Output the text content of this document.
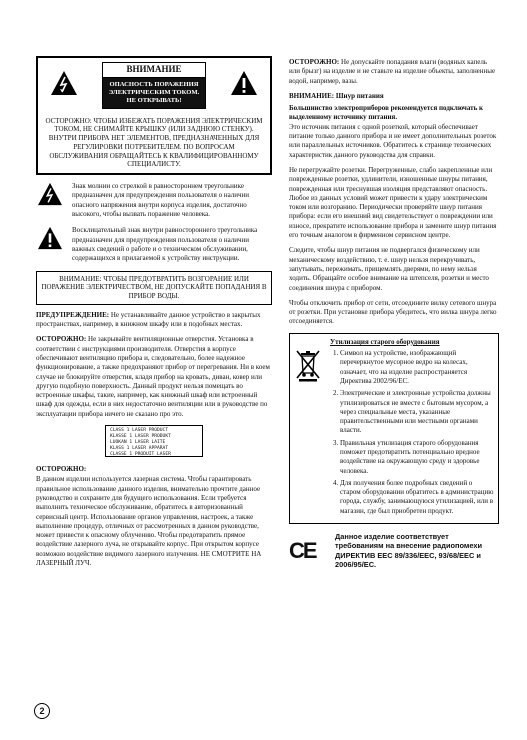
ВНИМАНИЕ
ОПАСНОСТЬ ПОРАЖЕНИЯ ЭЛЕКТРИЧЕСКИМ ТОКОМ. НЕ ОТКРЫВАТЬ!
ОСТОРОЖНО: ЧТОБЫ ИЗБЕЖАТЬ ПОРАЖЕНИЯ ЭЛЕКТРИЧЕСКИМ ТОКОМ, НЕ СНИМАЙТЕ КРЫШКУ (ИЛИ ЗАДНЮЮ СТЕНКУ). ВНУТРИ ПРИБОРА НЕТ ЭЛЕМЕНТОВ, ПРЕДНАЗНАЧЕННЫХ ДЛЯ РЕГУЛИРОВКИ ПОТРЕБИТЕЛЕМ. ПО ВОПРОСАМ ОБСЛУЖИВАНИЯ ОБРАЩАЙТЕСЬ К КВАЛИФИЦИРОВАННОМУ СПЕЦИАЛИСТУ.
Знак молнии со стрелкой в равностороннем треугольнике предназначен для предупреждения пользователя о наличии опасного напряжения внутри корпуса изделия, достаточно высокого, чтобы вызвать поражение человека.
Восклицательный знак внутри равностороннего треугольника предназначен для предупреждения пользователя о наличии важных сведений о работе и о техническом обслуживании, содержащихся в прилагаемой к устройству инструкции.
ВНИМАНИЕ: ЧТОБЫ ПРЕДОТВРАТИТЬ ВОЗГОРАНИЕ ИЛИ ПОРАЖЕНИЕ ЭЛЕКТРИЧЕСТВОМ, НЕ ДОПУСКАЙТЕ ПОПАДАНИЯ В ПРИБОР ВОДЫ.

ПРЕДУПРЕЖДЕНИЕ: Не устанавливайте данное устройство в закрытых пространствах, например, в книжном шкафу или в подобных местах.

ОСТОРОЖНО: Не закрывайте вентиляционные отверстия. Установка в соответствии с инструкциями производителя. Отверстия в корпусе обеспечивают вентиляцию прибора и, следовательно, более надежное функционирование, а также предохраняют прибор от перегревания. Ни в коем случае не блокируйте отверстия, кладя прибор на кровать, диван, ковер или другую подобную поверхность. Данный продукт нельзя помещать во встроенные шкафы, такие, например, как книжный шкаф или встроенный шкаф для одежды, если в них недостаточно вентиляции или в руководстве по эксплуатации прибора ничего не сказано про это.

CLASS 1 LASER PRODUCT
KLASSE 1 LASER PRODUKT
LUOKAN 1 LASER LAITE
KLASS 1 LASER APPARAT
CLASSE 1 PRODUIT LASER

ОСТОРОЖНО:

В данном изделии используется лазерная система. Чтобы гарантировать правильное использование данного изделия, внимательно прочтите данное руководство и сохраните для будущего использования. Если требуется выполнить техническое обслуживание, обратитесь в авторизованный сервисный центр. Использование органов управления, настроек, а также выполнение процедур, отличных от рассмотренных в данном руководстве, может привести к опасному облучению. Чтобы предотвратить прямое воздействие лазерного луча, не открывайте корпус. При открытом корпусе возможно воздействие видимого лазерного излучения. НЕ СМОТРИТЕ НА ЛАЗЕРНЫЙ ЛУЧ.

ОСТОРОЖНО: Не допускайте попадания влаги (водяных капель или брызг) на изделие и не ставьте на изделие объекты, заполненные водой, например, вазы.

ВНИМАНИЕ: Шнур питания

Большинство электроприборов рекомендуется подключать к выделенному источнику питания.

Это источник питания с одной розеткой, который обеспечивает питание только данного прибора и не имеет дополнительных розеток или параллельных источников. Обратитесь к странице технических характеристик данного руководства для справки.

Не перегружайте розетки. Перегруженные, слабо закрепленные или поврежденные розетки, удлинители, изношенные шнуры питания, поврежденная или треснувшая изоляция представляют опасность. Любое из данных условий может привести к удару электрическим током или возгоранию. Периодически проверяйте шнур питания прибора: если его внешний вид свидетельствует о повреждении или износе, прекратите использование прибора и замените шнур питания его точным аналогом в фирменном сервисном центре.

Следите, чтобы шнур питания не подвергался физическому или механическому воздействию, т. е. шнур нельзя перекручивать, запутывать, пережимать, прищемлять дверями, по нему нельзя ходить. Обращайте особое внимание на штепселя, розетки и место соединения шнура с прибором.

Чтобы отключить прибор от сети, отсоедините вилку сетевого шнура от розетки. При установке прибора убедитесь, что вилка шнура легко отсоединяется.

Утилизация старого оборудования
1. Символ на устройстве, изображающий перечеркнутое мусорное ведро на колесах, означает, что на изделие распространяется Директива 2002/96/EC.
2. Электрические и электронные устройства должны утилизироваться не вместе с бытовым мусором, а через специальные места, указанные правительственными или местными органами власти.
3. Правильная утилизация старого оборудования поможет предотвратить потенциально вредное воздействие на окружающую среду и здоровье человека.
4. Для получения более подробных сведений о старом оборудовании обратитесь в администрацию города, службу, занимающуюся утилизацией, или в магазин, где был приобретен продукт.
CE
Данное изделие соответствует требованиям на внесение радиопомехи ДИРЕКТИВ ЕЕС 89/336/EEC, 93/68/EEC и 2006/95/EC.
2
